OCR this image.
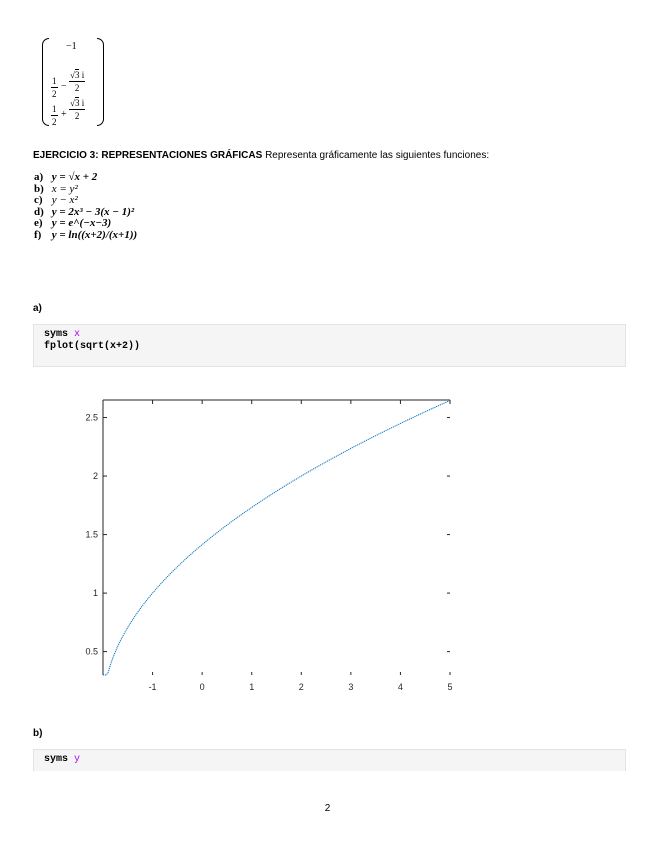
−1
$\frac{1}{2} - \frac{√3 i}{2}$
$\frac{1}{2} + \frac{√3 i}{2}$
EJERCICIO 3: REPRESENTACIONES GRÁFICAS Representa gráficamente las siguientes funciones:
a) y = √x + 2
b) x = y²
c) y − x²
d) y = 2x³ − 3(x − 1)²
e) y = e^(−x−3)
f) y = ln((x+2)/(x+1))
a)
syms x
fplot(sqrt(x+2))
0.5
1
1.5
2
2.5
-1	0	1	2	3	4	5
b)
syms y
2
